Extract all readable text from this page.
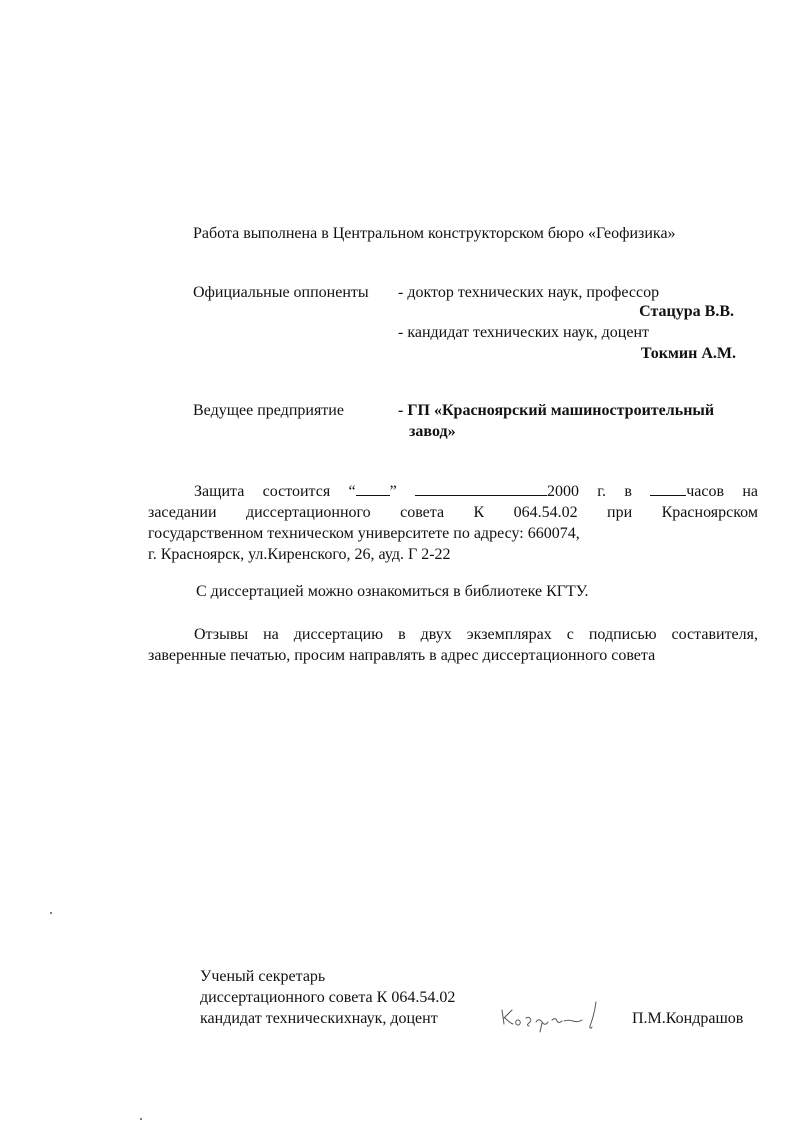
Работа выполнена в Центральном конструкторском бюро «Геофизика»
Официальные оппоненты - доктор технических наук, профессор
Стацура В.В.
- кандидат технических наук, доцент
Токмин А.М.
Ведущее предприятие	- ГП «Красноярский машиностроительный
завод»
Защита состоится “ ”	2000 г. в	часов на
заседании диссертационного совета К 064.54.02 при Красноярском
государственном техническом университете по адресу: 660074,
г. Красноярск, ул.Киренского, 26, ауд. Г 2-22
С диссертацией можно ознакомиться в библиотеке КГТУ.
Отзывы на диссертацию в двух экземплярах с подписью составителя,
заверенные печатью, просим направлять в адрес диссертационного совета
Ученый секретарь
диссертационного совета К 064.54.02
кандидат техническихнаук, доцент	П.М.Кондрашов
